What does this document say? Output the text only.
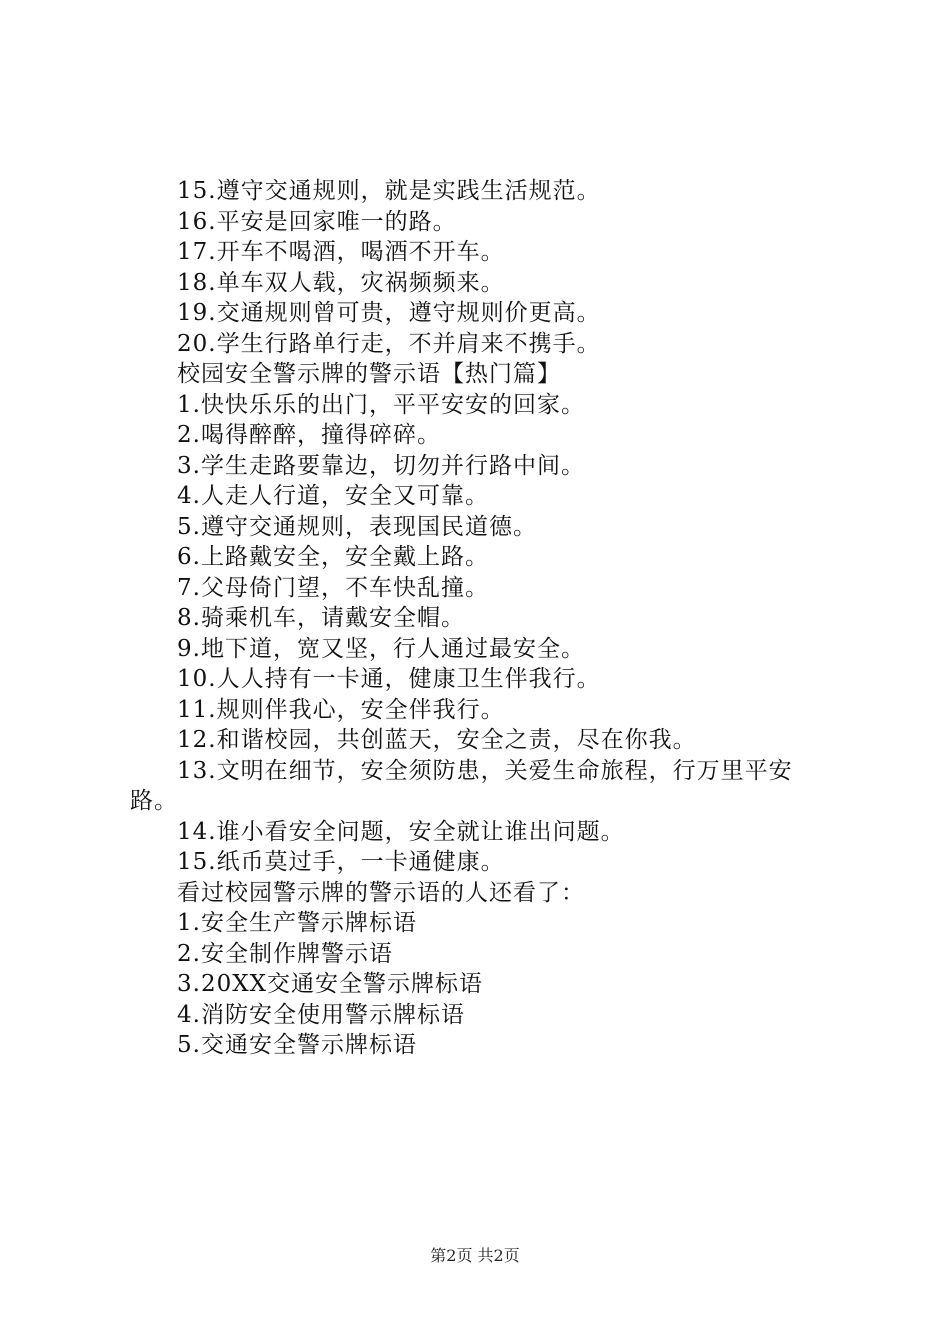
15.遵守交通规则，就是实践生活规范。
16.平安是回家唯一的路。
17.开车不喝酒，喝酒不开车。
18.单车双人载，灾祸频频来。
19.交通规则曾可贵，遵守规则价更高。
20.学生行路单行走，不并肩来不携手。
校园安全警示牌的警示语【热门篇】
1.快快乐乐的出门，平平安安的回家。
2.喝得醉醉，撞得碎碎。
3.学生走路要靠边，切勿并行路中间。
4.人走人行道，安全又可靠。
5.遵守交通规则，表现国民道德。
6.上路戴安全，安全戴上路。
7.父母倚门望，不车快乱撞。
8.骑乘机车，请戴安全帽。
9.地下道，宽又坚，行人通过最安全。
10.人人持有一卡通，健康卫生伴我行。
11.规则伴我心，安全伴我行。
12.和谐校园，共创蓝天，安全之责，尽在你我。
13.文明在细节，安全须防患，关爱生命旅程，行万里平安路。
14.谁小看安全问题，安全就让谁出问题。
15.纸币莫过手，一卡通健康。
看过校园警示牌的警示语的人还看了：
1.安全生产警示牌标语
2.安全制作牌警示语
3.20XX交通安全警示牌标语
4.消防安全使用警示牌标语
5.交通安全警示牌标语
第2页 共2页
